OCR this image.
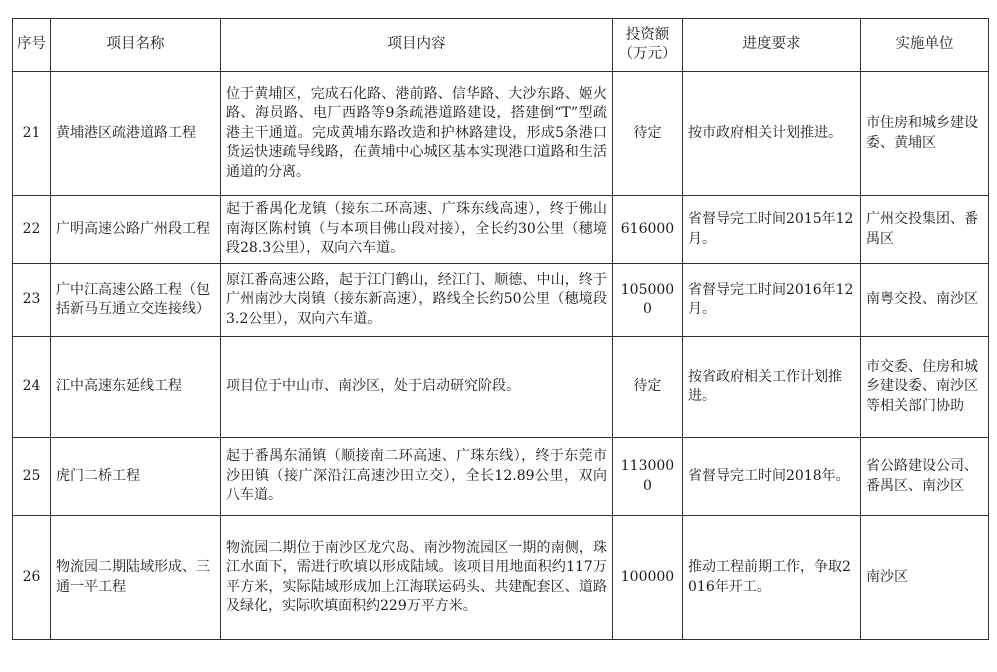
序号	项目名称	项目内容	投资额（万元）	进度要求	实施单位
21	黄埔港区疏港道路工程	位于黄埔区，完成石化路、港前路、信华路、大沙东路、姬火路、海员路、电厂西路等9条疏港道路建设，搭建倒“T”型疏港主干通道。完成黄埔东路改造和护林路建设，形成5条港口货运快速疏导线路，在黄埔中心城区基本实现港口道路和生活通道的分离。	待定	按市政府相关计划推进。	市住房和城乡建设委、黄埔区
22	广明高速公路广州段工程	起于番禺化龙镇（接东二环高速、广珠东线高速），终于佛山南海区陈村镇（与本项目佛山段对接），全长约30公里（穗境段28.3公里），双向六车道。	616000	省督导完工时间2015年12月。	广州交投集团、番禺区
23	广中江高速公路工程（包括新马互通立交连接线）	原江番高速公路，起于江门鹤山，经江门、顺德、中山，终于广州南沙大岗镇（接东新高速），路线全长约50公里（穗境段3.2公里），双向六车道。	1050000	省督导完工时间2016年12月。	南粤交投、南沙区
24	江中高速东延线工程	项目位于中山市、南沙区，处于启动研究阶段。	待定	按省政府相关工作计划推进。	市交委、住房和城乡建设委、南沙区等相关部门协助
25	虎门二桥工程	起于番禺东涌镇（顺接南二环高速、广珠东线），终于东莞市沙田镇（接广深沿江高速沙田立交），全长12.89公里，双向八车道。	1130000	省督导完工时间2018年。	省公路建设公司、番禺区、南沙区
26	物流园二期陆域形成、三通一平工程	物流园二期位于南沙区龙穴岛、南沙物流园区一期的南侧，珠江水面下，需进行吹填以形成陆域。该项目用地面积约117万平方米，实际陆域形成加上江海联运码头、共建配套区、道路及绿化，实际吹填面积约229万平方米。	100000	推动工程前期工作，争取2016年开工。	南沙区
